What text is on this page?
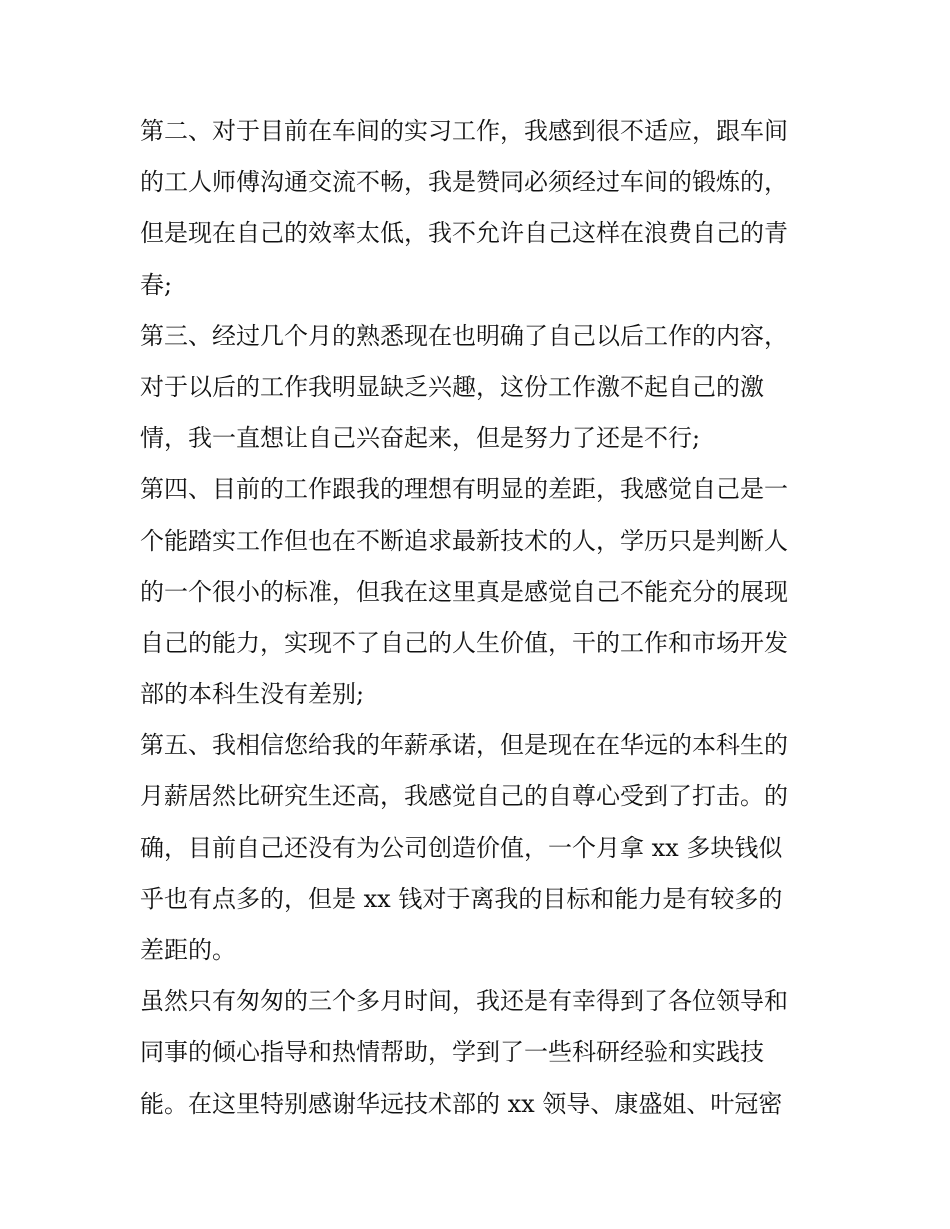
第二、对于目前在车间的实习工作，我感到很不适应，跟车间
的工人师傅沟通交流不畅，我是赞同必须经过车间的锻炼的，
但是现在自己的效率太低，我不允许自己这样在浪费自己的青
春;
第三、经过几个月的熟悉现在也明确了自己以后工作的内容，
对于以后的工作我明显缺乏兴趣，这份工作激不起自己的激
情，我一直想让自己兴奋起来，但是努力了还是不行;
第四、目前的工作跟我的理想有明显的差距，我感觉自己是一
个能踏实工作但也在不断追求最新技术的人，学历只是判断人
的一个很小的标准，但我在这里真是感觉自己不能充分的展现
自己的能力，实现不了自己的人生价值，干的工作和市场开发
部的本科生没有差别;
第五、我相信您给我的年薪承诺，但是现在在华远的本科生的
月薪居然比研究生还高，我感觉自己的自尊心受到了打击。的
确，目前自己还没有为公司创造价值，一个月拿 xx 多块钱似
乎也有点多的，但是 xx 钱对于离我的目标和能力是有较多的
差距的。
虽然只有匆匆的三个多月时间，我还是有幸得到了各位领导和
同事的倾心指导和热情帮助，学到了一些科研经验和实践技
能。在这里特别感谢华远技术部的 xx 领导、康盛姐、叶冠密
